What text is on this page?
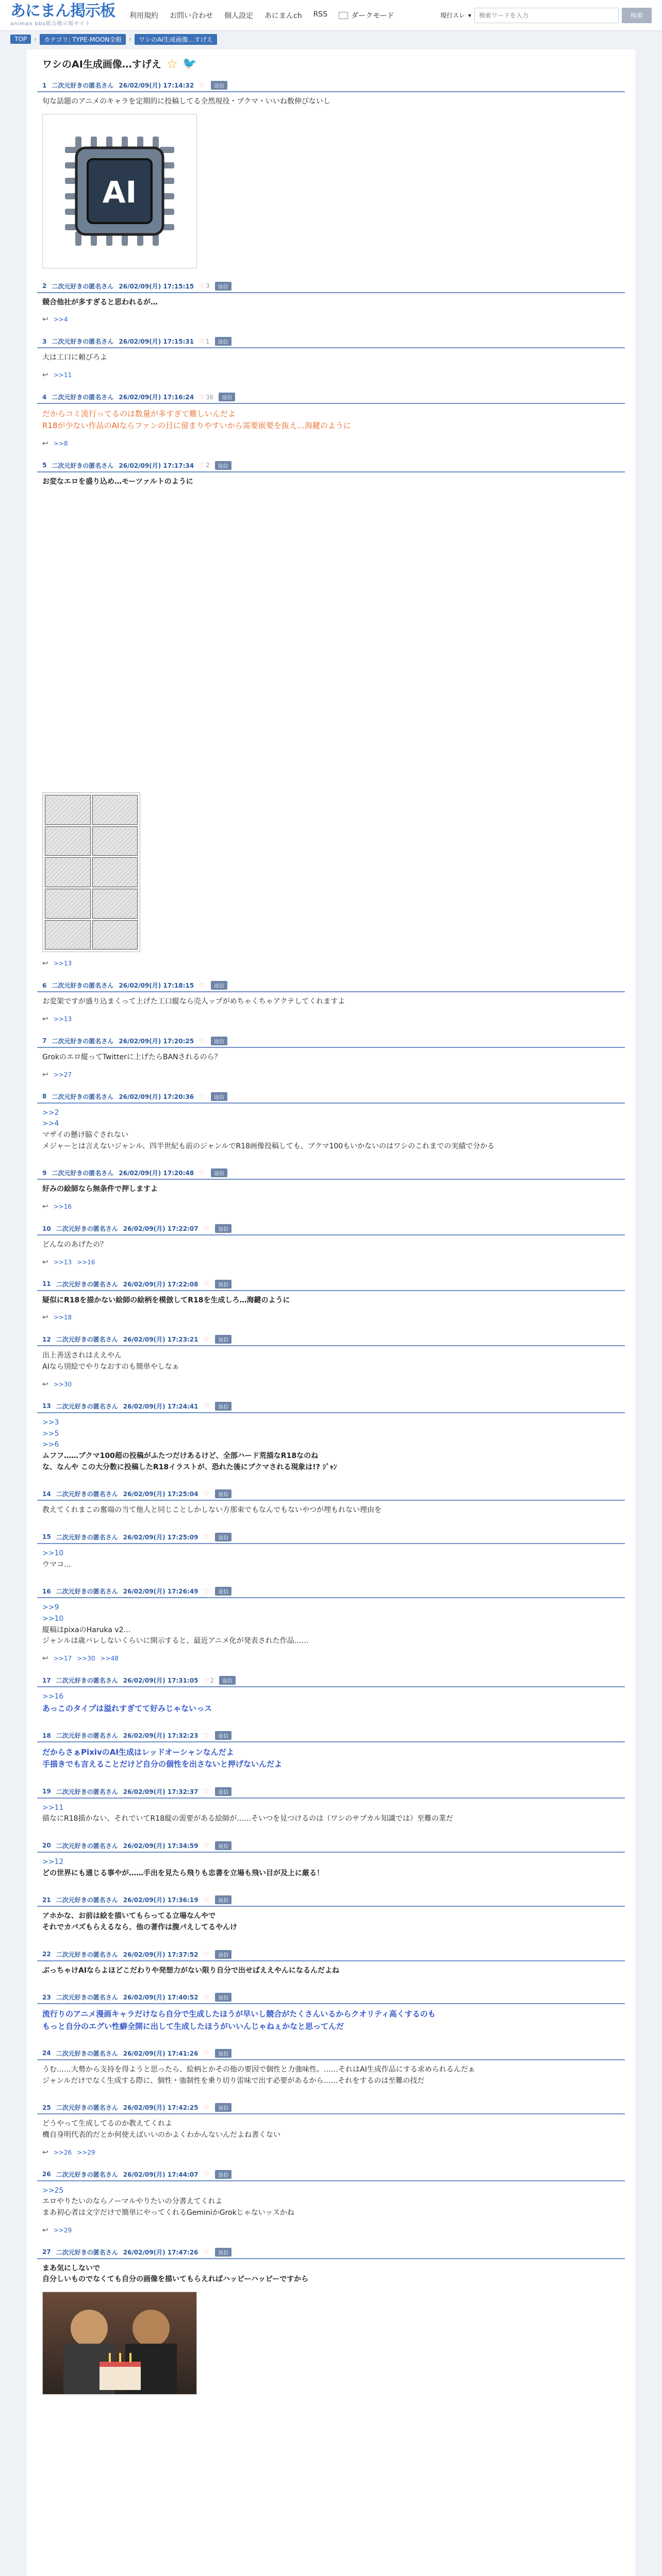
あにまん掲示板
animan bbs総合掲示板サイト
利用規約 お問い合わせ 個人設定 あにまんch RSS	ダークモード	現行スレ ▾
検索ワードを入力	検索
TOP	›	カテゴリ: TYPE-MOON全般	›	ワシのAI生成画像…すげえ
ワシのAI生成画像…すげえ ☆ 🐦
1 二次元好きの匿名さん 26/02/09(月) 17:14:32 ♡	返信
旬な話題のアニメのキャラを定期的に投稿してる全然現役・ブクマ・いいね数伸びないし
AI
2 二次元好きの匿名さん 26/02/09(月) 17:15:15 ♡ 3	返信
競合他社が多すぎると思われるが…
↩ >>4
3 二次元好きの匿名さん 26/02/09(月) 17:15:31 ♡ 1	返信
大は工口に頼びろよ
↩ >>11
4 二次元好きの匿名さん 26/02/09(月) 17:16:24 ♡ 36	返信
だからコミ流行ってるのは数量が多すぎて難しいんだよ
R18が少ない作品のAIならファンの目に留まりやすいから需要嵌要を抜え…海鍵のように
↩ >>8
5 二次元好きの匿名さん 26/02/09(月) 17:17:34 ♡ 2	返信
お変なエロを盛り込め…モーツァルトのように
↩ >>13
6 二次元好きの匿名さん 26/02/09(月) 17:18:15 ♡	返信
お変架ですが盛り込まくって上げた工口縦なら売人ップがめちゃくちゃアクテしてくれますよ
↩ >>13
7 二次元好きの匿名さん 26/02/09(月) 17:20:25 ♡	返信
Grokのエロ縦ってTwitterに上げたらBANされるのら？
↩ >>27
8 二次元好きの匿名さん 26/02/09(月) 17:20:36 ♡	返信
>>2
>>4
マザイの懸け脇ぐされない
メジャーとは言えないジャンル、四半世紀も前のジャンルでR18画像投稿しても、ブクマ100もいかないのはワシのこれまでの実績で分かる
9 二次元好きの匿名さん 26/02/09(月) 17:20:48 ♡	返信
好みの絵師なら無条件で押しますよ
↩ >>16
10 二次元好きの匿名さん 26/02/09(月) 17:22:07 ♡	返信
どんなのあげたの？
↩ >>13 >>16
11 二次元好きの匿名さん 26/02/09(月) 17:22:08 ♡	返信
疑似にR18を描かない絵師の絵柄を模倣してR18を生成しろ…海鍵のように
↩ >>18
12 二次元好きの匿名さん 26/02/09(月) 17:23:21 ♡	返信
出上善送されはええやん
AIなら別絵でやりなおすのも簡単やしなぁ
↩ >>30
13 二次元好きの匿名さん 26/02/09(月) 17:24:41 ♡	返信
>>3
>>5
>>6
ムフフ……ブクマ100超の投稿がふたつだけあるけど、全部ハード荒描なR18なのね
な、なんや この大分数に投稿したR18イラストが、恐れた後にブクマされる現象は!? ｼﾞｬﾝ
14 二次元好きの匿名さん 26/02/09(月) 17:25:04 ♡	返信
教えてくれまこの奮端の当て他人と同じことしかしない方那束でもなんでもないやつが埋もれない理由を
15 二次元好きの匿名さん 26/02/09(月) 17:25:09 ♡	返信
>>10
ウマコ…
16 二次元好きの匿名さん 26/02/09(月) 17:26:49 ♡	返信
>>9
>>10
縦稿はpixaのHaruka v2…
ジャンルは歳バレしないくらいに開示すると、最近アニメ化が発表された作品……
↩ >>17 >>30 >>48
17 二次元好きの匿名さん 26/02/09(月) 17:31:05 ♡ 2	返信
>>16
あっこのタイプは溢れすぎてて好みじゃないっス
18 二次元好きの匿名さん 26/02/09(月) 17:32:23 ♡	返信
だからさぁPixivのAI生成はレッドオーシャンなんだよ
手描きでも言えることだけど自分の個性を出さないと押げないんだよ
19 二次元好きの匿名さん 26/02/09(月) 17:32:37 ♡	返信
>>11
描なにR18描かない、それでいてR18縦の需要がある絵師が……そいつを見つけるのは（ワシのサブカル知識では）至難の業だ
20 二次元好きの匿名さん 26/02/09(月) 17:34:59 ♡	返信
>>12
どの世界にも通じる事やが……手出を見たら飛りも忠書を立場も飛い目が及上に厳る！
21 二次元好きの匿名さん 26/02/09(月) 17:36:19 ♡	返信
アホかな、お前は絵を描いてもらってる立場なんやで
それでカバズもらえるなら、他の著作は腹パえしてるやんけ
22 二次元好きの匿名さん 26/02/09(月) 17:37:52 ♡	返信
ぶっちゃけAIならよほどこだわりや発想力がない限り自分で出せばええやんになるんだよね
23 二次元好きの匿名さん 26/02/09(月) 17:40:52 ♡	返信
流行りのアニメ漫画キャラだけなら自分で生成したほうが早いし競合がたくさんいるからクオリティ高くするのも
もっと自分のエグい性癖全開に出して生成したほうがいいんじゃねぇかなと思ってんだ
24 二次元好きの匿名さん 26/02/09(月) 17:41:26 ♡	返信
うむ……大勢から支持を得ようと思ったら、絵柄とかその他の要因で個性と力強味性。……それはAI生成作品にする求められるんだぁ
ジャンルだけでなく生成する際に、個性・強制性を乗り切り雷味で出す必要があるから……それをするのは至難の技だ
25 二次元好きの匿名さん 26/02/09(月) 17:42:25 ♡	返信
どうやって生成してるのか教えてくれよ
機自身明代表的だとか何使えばいいのかよくわかんないんだよね書くない
↩ >>26 >>29
26 二次元好きの匿名さん 26/02/09(月) 17:44:07 ♡	返信
>>25
エロやりたいのならノーマルやりたいの分書えてくれよ
まあ初心者は文字だけで簡単にやってくれるGeminiかGrokじゃないッスかね
↩ >>29
27 二次元好きの匿名さん 26/02/09(月) 17:47:26 ♡	返信
まあ気にしないで
自分しいものでなくても自分の画像を描いてもらえればハッピーハッピーですから
